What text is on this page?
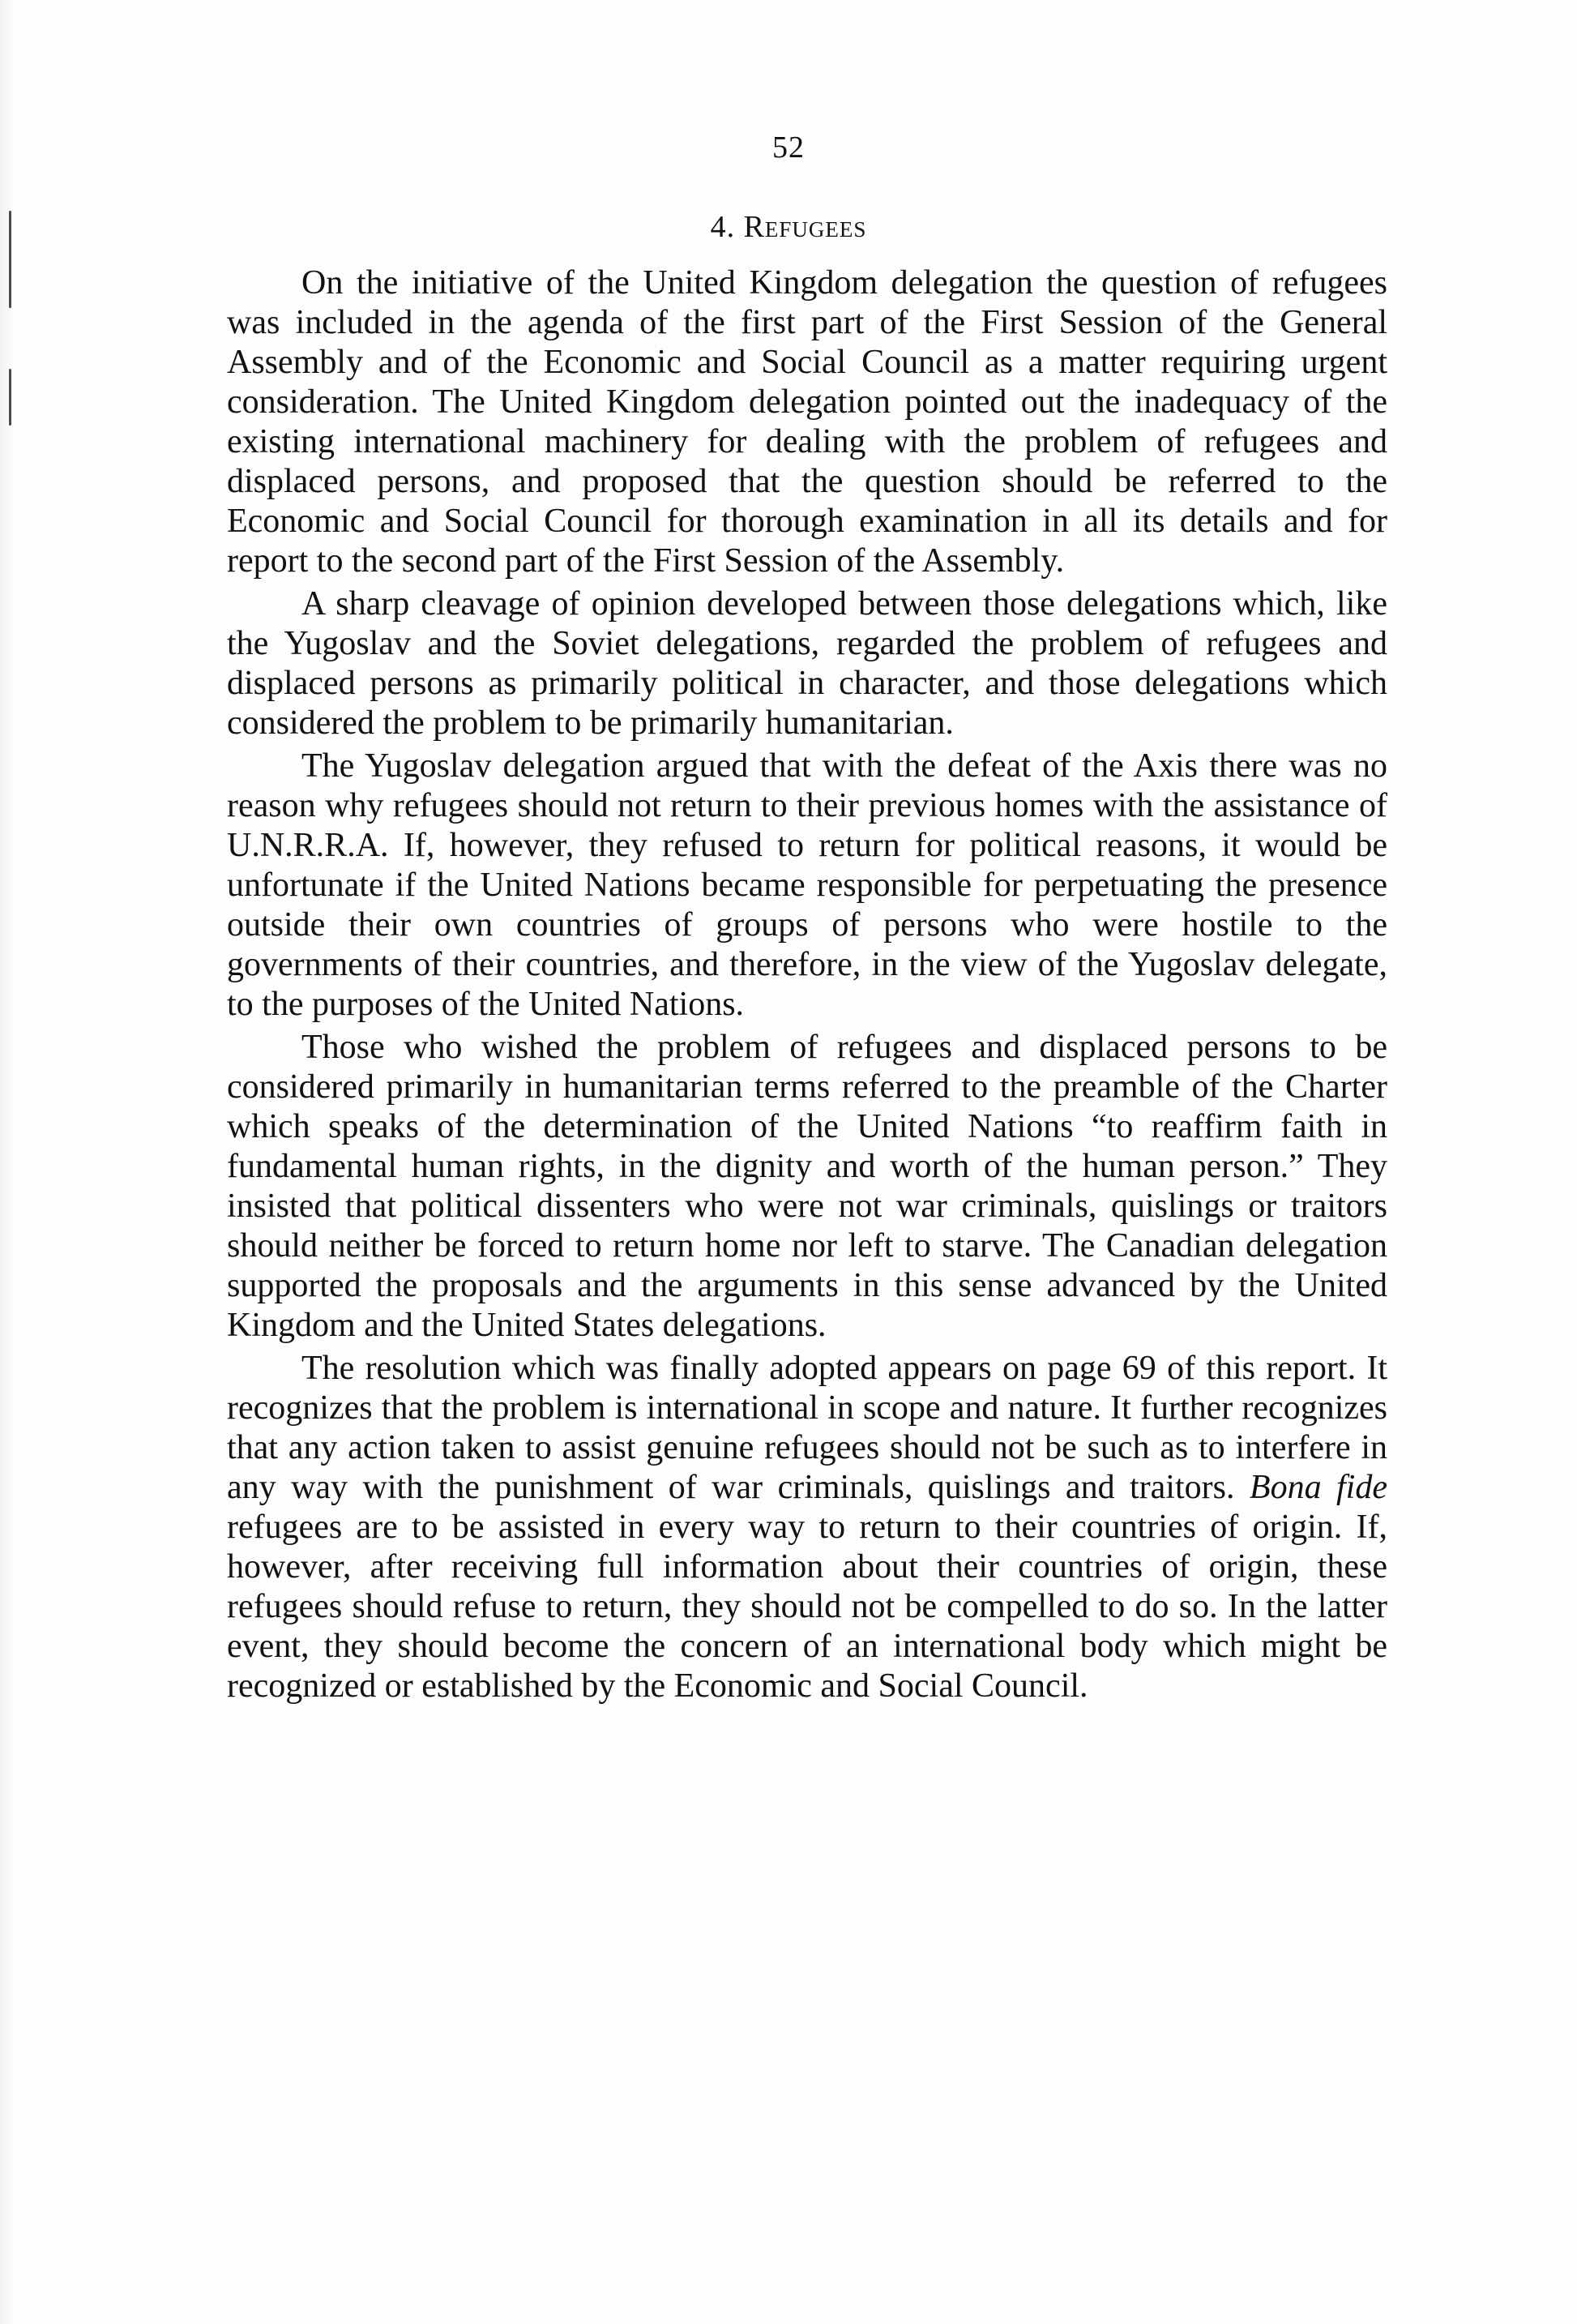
52
4. Refugees

On the initiative of the United Kingdom delegation the question of refugees was included in the agenda of the first part of the First Session of the General Assembly and of the Economic and Social Council as a matter requiring urgent consideration. The United Kingdom delegation pointed out the inadequacy of the existing international machinery for dealing with the problem of refugees and displaced persons, and proposed that the question should be referred to the Economic and Social Council for thorough examination in all its details and for report to the second part of the First Session of the Assembly.

A sharp cleavage of opinion developed between those delegations which, like the Yugoslav and the Soviet delegations, regarded the problem of refugees and displaced persons as primarily political in character, and those delegations which considered the problem to be primarily humanitarian.

The Yugoslav delegation argued that with the defeat of the Axis there was no reason why refugees should not return to their previous homes with the assistance of U.N.R.R.A. If, however, they refused to return for political reasons, it would be unfortunate if the United Nations became responsible for perpetuating the presence outside their own countries of groups of persons who were hostile to the governments of their countries, and therefore, in the view of the Yugoslav delegate, to the purposes of the United Nations.

Those who wished the problem of refugees and displaced persons to be considered primarily in humanitarian terms referred to the preamble of the Charter which speaks of the determination of the United Nations “to reaffirm faith in fundamental human rights, in the dignity and worth of the human person.” They insisted that political dissenters who were not war criminals, quislings or traitors should neither be forced to return home nor left to starve. The Canadian delegation supported the proposals and the arguments in this sense advanced by the United Kingdom and the United States delegations.

The resolution which was finally adopted appears on page 69 of this report. It recognizes that the problem is international in scope and nature. It further recognizes that any action taken to assist genuine refugees should not be such as to interfere in any way with the punishment of war criminals, quislings and traitors. Bona fide refugees are to be assisted in every way to return to their countries of origin. If, however, after receiving full information about their countries of origin, these refugees should refuse to return, they should not be compelled to do so. In the latter event, they should become the concern of an international body which might be recognized or established by the Economic and Social Council.
